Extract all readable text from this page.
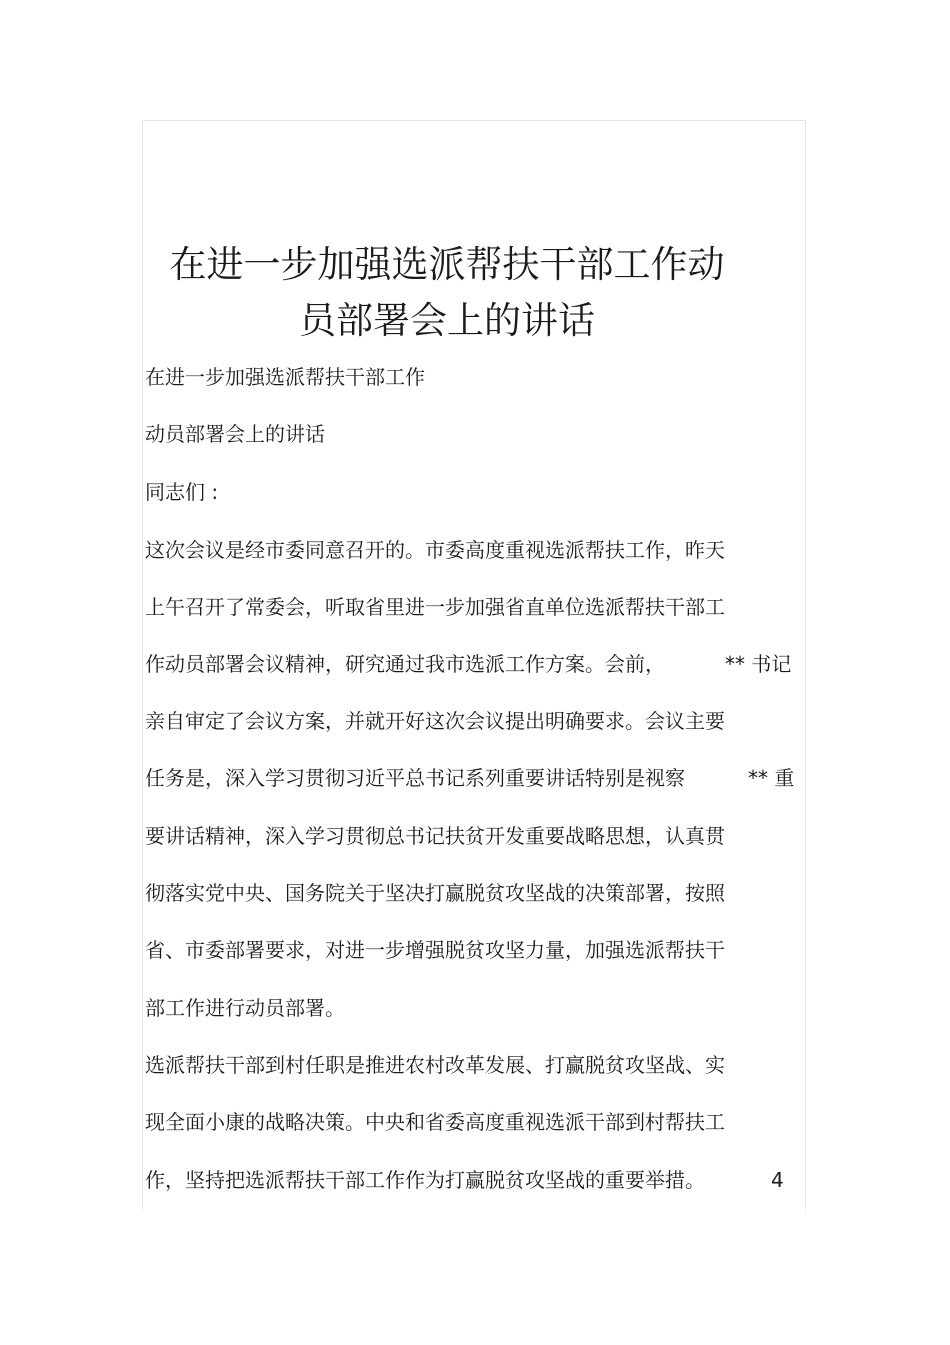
在进一步加强选派帮扶干部工作动
员部署会上的讲话

在进一步加强选派帮扶干部工作

动员部署会上的讲话

同志们 :

这次会议是经市委同意召开的。市委高度重视选派帮扶工作，昨天

上午召开了常委会，听取省里进一步加强省直单位选派帮扶干部工

作动员部署会议精神，研究通过我市选派工作方案。会前，

亲自审定了会议方案，并就开好这次会议提出明确要求。会议主要

任务是，深入学习贯彻习近平总书记系列重要讲话特别是视察

要讲话精神，深入学习贯彻总书记扶贫开发重要战略思想，认真贯

彻落实党中央、国务院关于坚决打赢脱贫攻坚战的决策部署，按照

省、市委部署要求，对进一步增强脱贫攻坚力量，加强选派帮扶干

部工作进行动员部署。

选派帮扶干部到村任职是推进农村改革发展、打赢脱贫攻坚战、实

现全面小康的战略决策。中央和省委高度重视选派干部到村帮扶工

作，坚持把选派帮扶干部工作作为打赢脱贫攻坚战的重要举措。

** 书记
** 重
4
